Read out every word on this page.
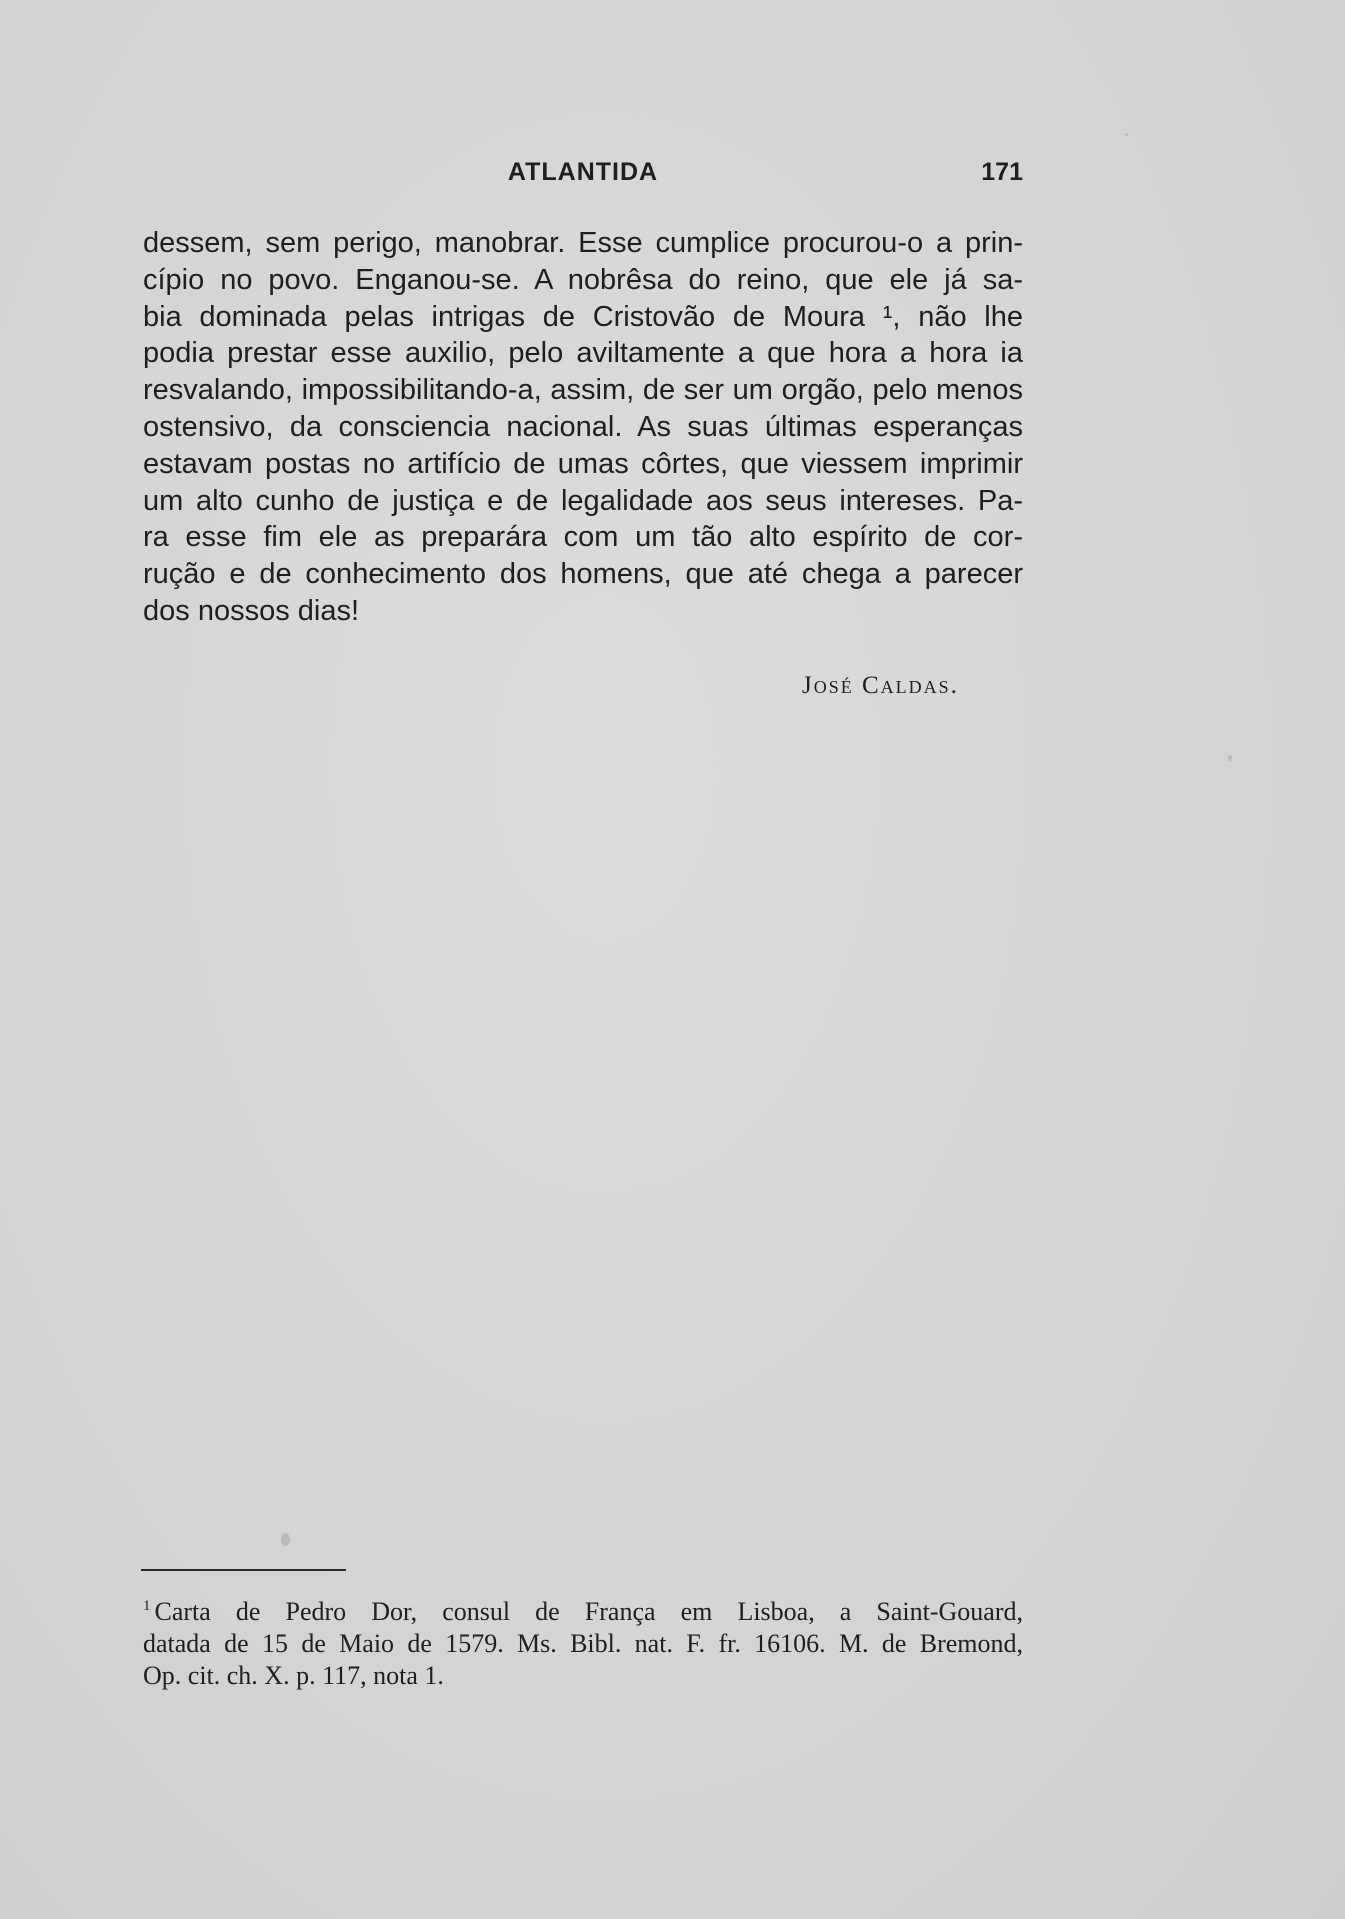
ATLANTIDA	171
dessem, sem perigo, manobrar. Esse cumplice procurou-o a prin-
cípio no povo. Enganou-se. A nobrêsa do reino, que ele já sa-
bia dominada pelas intrigas de Cristovão de Moura ¹, não lhe
podia prestar esse auxilio, pelo aviltamente a que hora a hora ia
resvalando, impossibilitando-a, assim, de ser um orgão, pelo menos
ostensivo, da consciencia nacional. As suas últimas esperanças
estavam postas no artifício de umas côrtes, que viessem imprimir
um alto cunho de justiça e de legalidade aos seus intereses. Pa-
ra esse fim ele as preparára com um tão alto espírito de cor-
rução e de conhecimento dos homens, que até chega a parecer
dos nossos dias!
José Caldas.
$^1$ Carta de Pedro Dor, consul de França em Lisboa, a Saint-Gouard,
datada de 15 de Maio de 1579. Ms. Bibl. nat. F. fr. 16106. M. de Bremond,
Op. cit. ch. X. p. 117, nota 1.
